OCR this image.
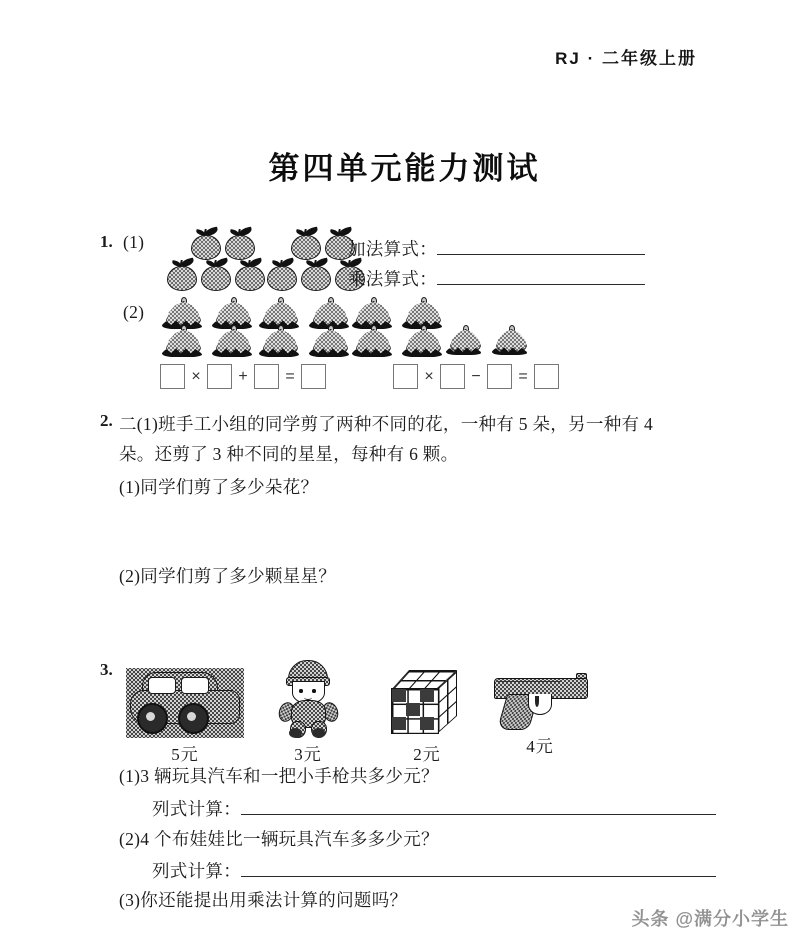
RJ · 二年级上册
第四单元能力测试
1. (1)	加法算式：
乘法算式：
(2)
×	+	=	×	−	=
2. 二(1)班手工小组的同学剪了两种不同的花，一种有 5 朵，另一种有 4
朵。还剪了 3 种不同的星星，每种有 6 颗。
(1)同学们剪了多少朵花？
(2)同学们剪了多少颗星星？
3.
5元	3元	2元	4元
(1)3 辆玩具汽车和一把小手枪共多少元？
列式计算：
(2)4 个布娃娃比一辆玩具汽车多多少元？
列式计算：
(3)你还能提出用乘法计算的问题吗？
头条 @满分小学生
